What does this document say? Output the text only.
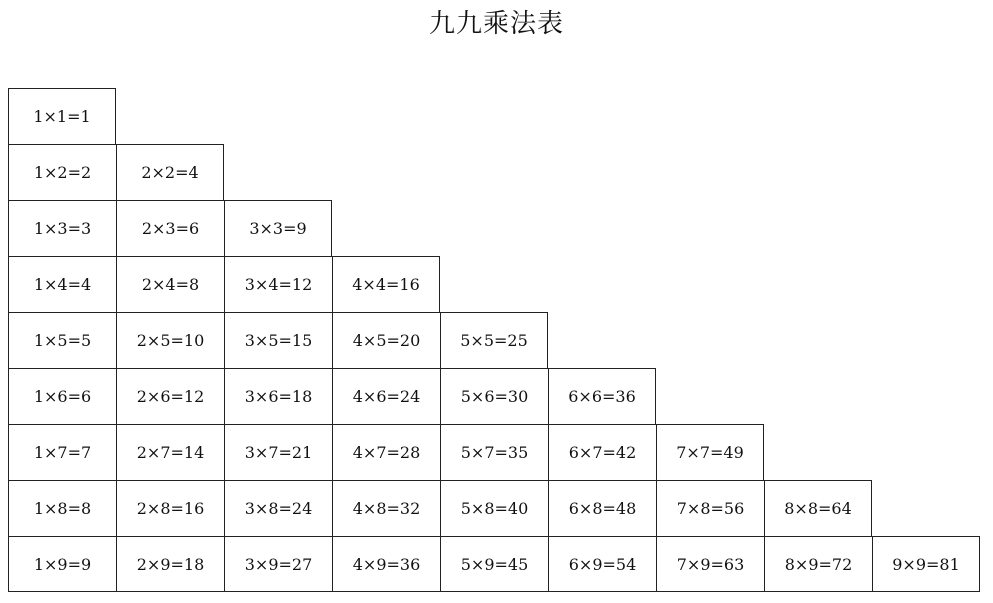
九九乘法表
1×1=1
1×2=2	2×2=4
1×3=3	2×3=6	3×3=9
1×4=4	2×4=8	3×4=12	4×4=16
1×5=5	2×5=10	3×5=15	4×5=20	5×5=25
1×6=6	2×6=12	3×6=18	4×6=24	5×6=30	6×6=36
1×7=7	2×7=14	3×7=21	4×7=28	5×7=35	6×7=42	7×7=49
1×8=8	2×8=16	3×8=24	4×8=32	5×8=40	6×8=48	7×8=56	8×8=64
1×9=9	2×9=18	3×9=27	4×9=36	5×9=45	6×9=54	7×9=63	8×9=72	9×9=81
